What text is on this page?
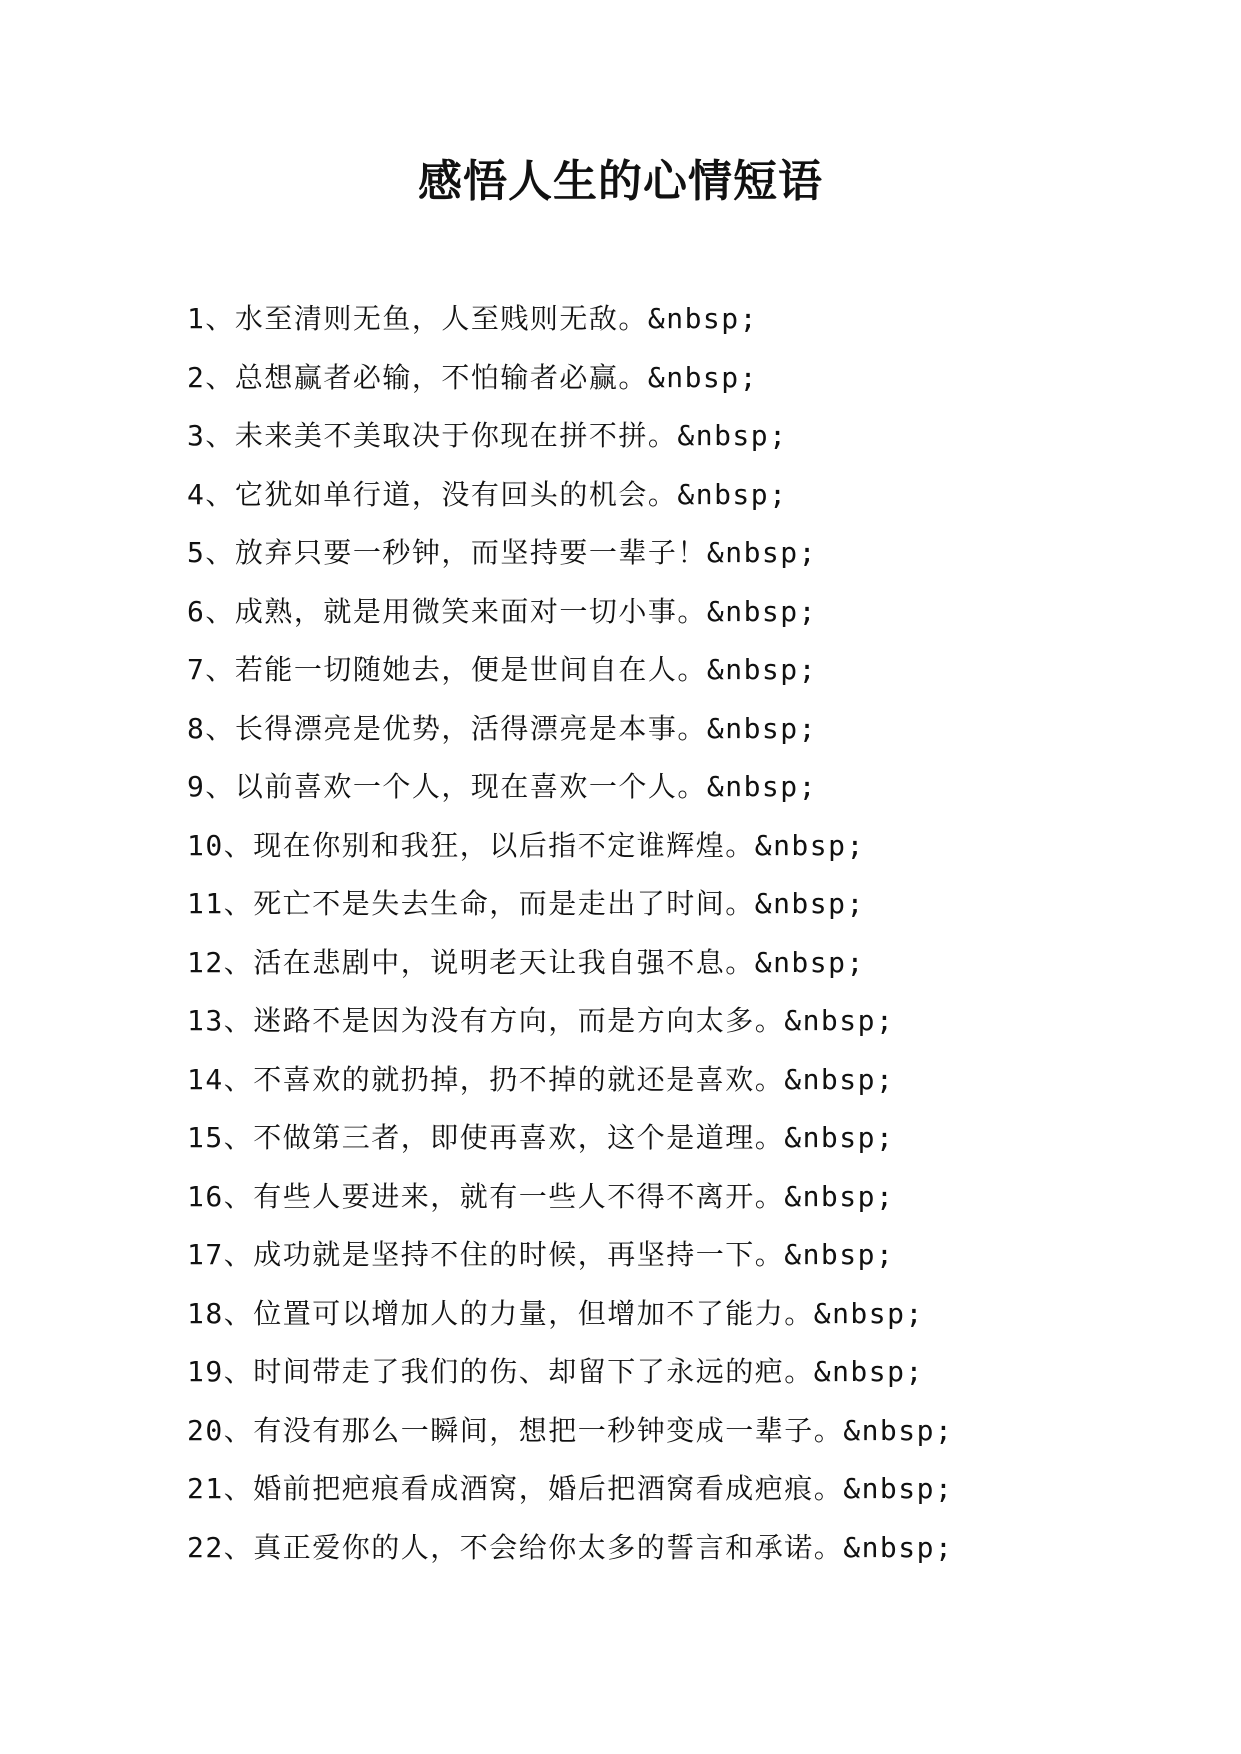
感悟人生的心情短语
1、水至清则无鱼，人至贱则无敌。&nbsp;
2、总想赢者必输，不怕输者必赢。&nbsp;
3、未来美不美取决于你现在拼不拼。&nbsp;
4、它犹如单行道，没有回头的机会。&nbsp;
5、放弃只要一秒钟，而坚持要一辈子！&nbsp;
6、成熟，就是用微笑来面对一切小事。&nbsp;
7、若能一切随她去，便是世间自在人。&nbsp;
8、长得漂亮是优势，活得漂亮是本事。&nbsp;
9、以前喜欢一个人，现在喜欢一个人。&nbsp;
10、现在你别和我狂，以后指不定谁辉煌。&nbsp;
11、死亡不是失去生命，而是走出了时间。&nbsp;
12、活在悲剧中，说明老天让我自强不息。&nbsp;
13、迷路不是因为没有方向，而是方向太多。&nbsp;
14、不喜欢的就扔掉，扔不掉的就还是喜欢。&nbsp;
15、不做第三者，即使再喜欢，这个是道理。&nbsp;
16、有些人要进来，就有一些人不得不离开。&nbsp;
17、成功就是坚持不住的时候，再坚持一下。&nbsp;
18、位置可以增加人的力量，但增加不了能力。&nbsp;
19、时间带走了我们的伤、却留下了永远的疤。&nbsp;
20、有没有那么一瞬间，想把一秒钟变成一辈子。&nbsp;
21、婚前把疤痕看成酒窝，婚后把酒窝看成疤痕。&nbsp;
22、真正爱你的人，不会给你太多的誓言和承诺。&nbsp;
